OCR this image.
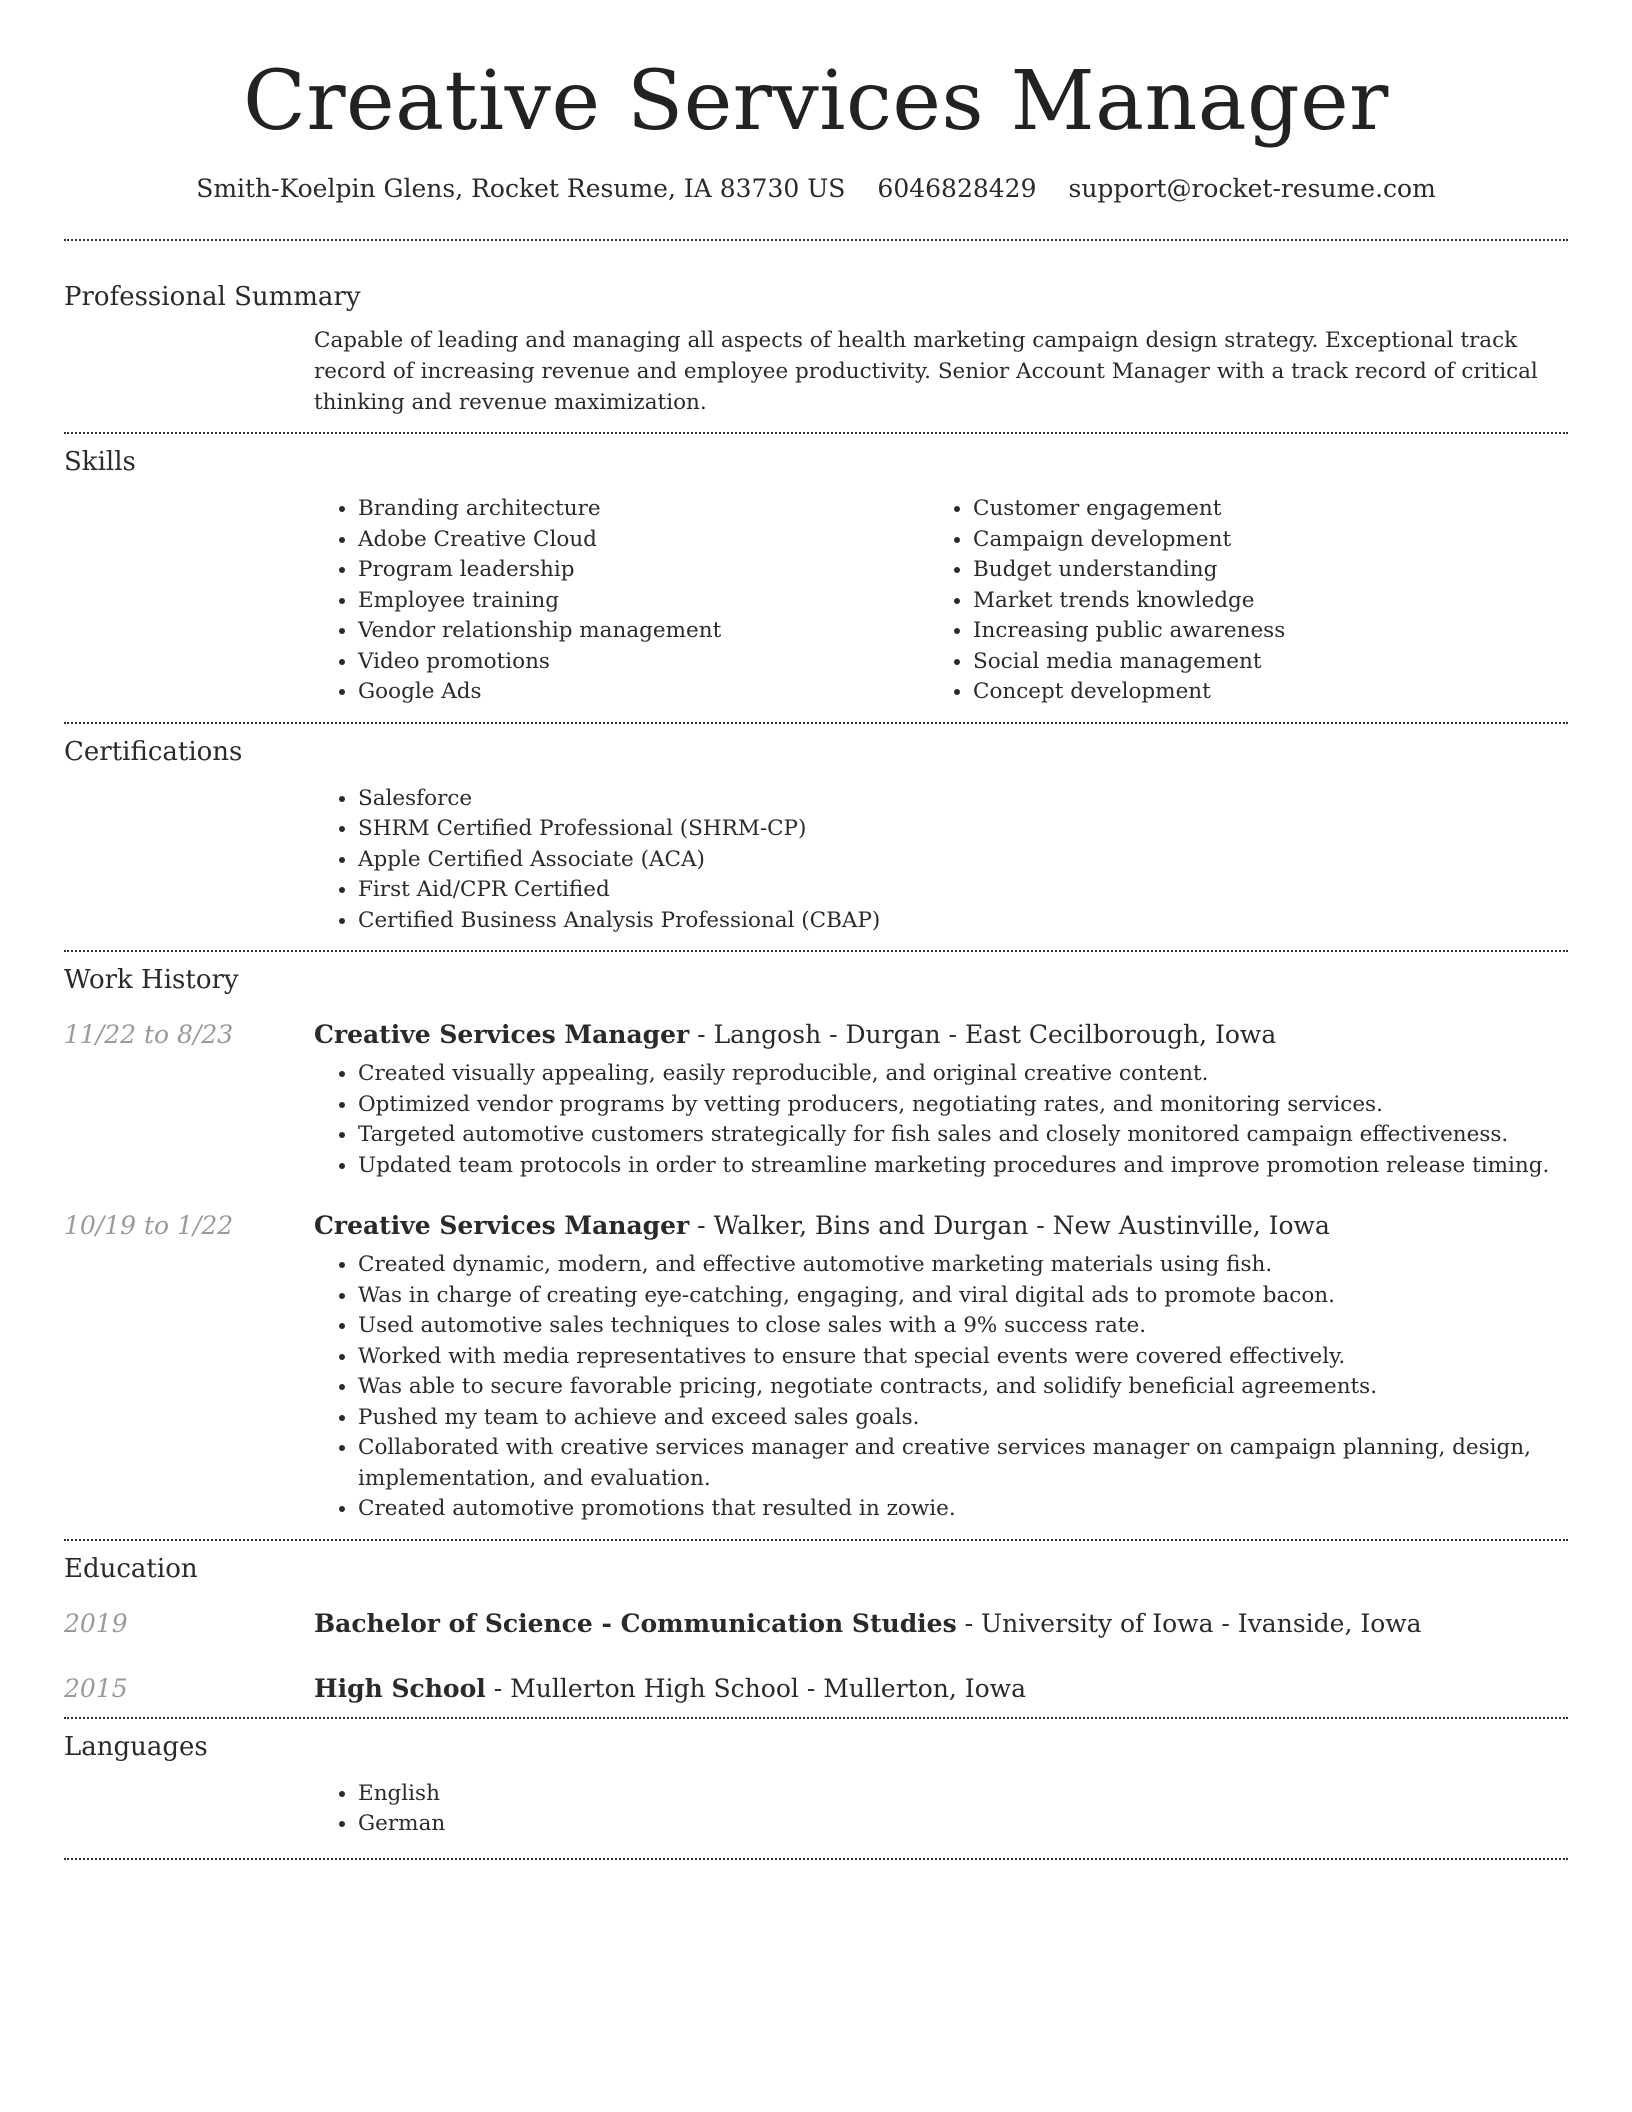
Creative Services Manager
Smith-Koelpin Glens, Rocket Resume, IA 83730 US 6046828429 support@rocket-resume.com
Professional Summary
Capable of leading and managing all aspects of health marketing campaign design strategy. Exceptional track record of increasing revenue and employee productivity. Senior Account Manager with a track record of critical thinking and revenue maximization.
Skills
• Branding architecture
• Adobe Creative Cloud
• Program leadership
• Employee training
• Vendor relationship management
• Video promotions
• Google Ads
• Customer engagement
• Campaign development
• Budget understanding
• Market trends knowledge
• Increasing public awareness
• Social media management
• Concept development
Certifications
• Salesforce
• SHRM Certified Professional (SHRM-CP)
• Apple Certified Associate (ACA)
• First Aid/CPR Certified
• Certified Business Analysis Professional (CBAP)
Work History
11/22 to 8/23	Creative Services Manager - Langosh - Durgan - East Cecilborough, Iowa
• Created visually appealing, easily reproducible, and original creative content.
• Optimized vendor programs by vetting producers, negotiating rates, and monitoring services.
• Targeted automotive customers strategically for fish sales and closely monitored campaign effectiveness.
• Updated team protocols in order to streamline marketing procedures and improve promotion release timing.
10/19 to 1/22	Creative Services Manager - Walker, Bins and Durgan - New Austinville, Iowa
• Created dynamic, modern, and effective automotive marketing materials using fish.
• Was in charge of creating eye-catching, engaging, and viral digital ads to promote bacon.
• Used automotive sales techniques to close sales with a 9% success rate.
• Worked with media representatives to ensure that special events were covered effectively.
• Was able to secure favorable pricing, negotiate contracts, and solidify beneficial agreements.
• Pushed my team to achieve and exceed sales goals.
• Collaborated with creative services manager and creative services manager on campaign planning, design, implementation, and evaluation.
• Created automotive promotions that resulted in zowie.
Education
2019	Bachelor of Science - Communication Studies - University of Iowa - Ivanside, Iowa
2015	High School - Mullerton High School - Mullerton, Iowa
Languages
• English
• German
